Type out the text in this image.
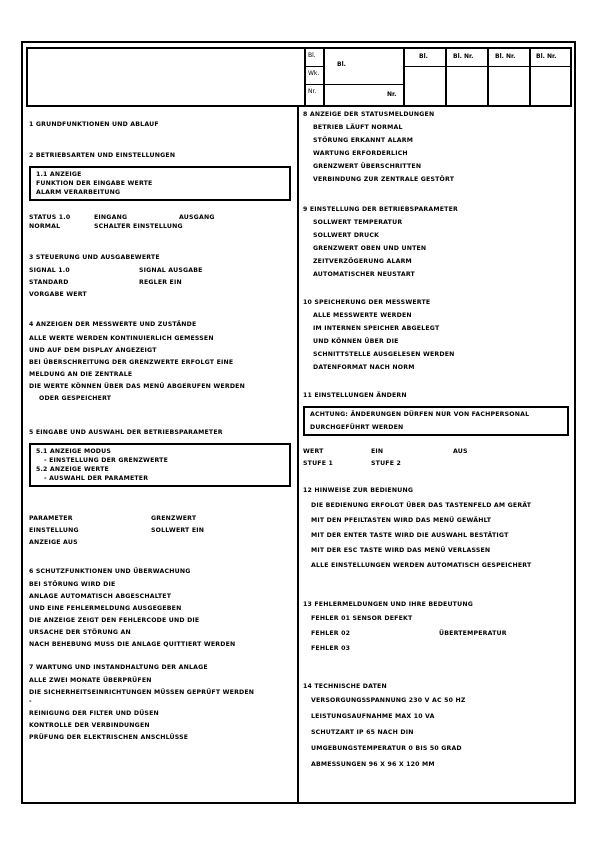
Bl.
Wk.
Nr.
Bl.
Nr.
Bl.	Bl. Nr.	Bl. Nr.	Bl. Nr.
1 GRUNDFUNKTIONEN UND ABLAUF
2 BETRIEBSARTEN UND EINSTELLUNGEN
1.1 ANZEIGE
FUNKTION DER EINGABE WERTE
ALARM VERARBEITUNG
STATUS 1.0	EINGANG	AUSGANG
NORMAL	SCHALTER EINSTELLUNG
3 STEUERUNG UND AUSGABEWERTE
SIGNAL 1.0	SIGNAL AUSGABE
STANDARD	REGLER EIN
VORGABE WERT
4 ANZEIGEN DER MESSWERTE UND ZUSTÄNDE
ALLE WERTE WERDEN KONTINUIERLICH GEMESSEN
UND AUF DEM DISPLAY ANGEZEIGT
BEI ÜBERSCHREITUNG DER GRENZWERTE ERFOLGT EINE
MELDUNG AN DIE ZENTRALE
DIE WERTE KÖNNEN ÜBER DAS MENÜ ABGERUFEN WERDEN
ODER GESPEICHERT
5 EINGABE UND AUSWAHL DER BETRIEBSPARAMETER
5.1 ANZEIGE MODUS
- EINSTELLUNG DER GRENZWERTE
5.2 ANZEIGE WERTE
- AUSWAHL DER PARAMETER
PARAMETER	GRENZWERT
EINSTELLUNG	SOLLWERT EIN
ANZEIGE AUS
6 SCHUTZFUNKTIONEN UND ÜBERWACHUNG
BEI STÖRUNG WIRD DIE
ANLAGE AUTOMATISCH ABGESCHALTET
UND EINE FEHLERMELDUNG AUSGEGEBEN
DIE ANZEIGE ZEIGT DEN FEHLERCODE UND DIE
URSACHE DER STÖRUNG AN
NACH BEHEBUNG MUSS DIE ANLAGE QUITTIERT WERDEN
7 WARTUNG UND INSTANDHALTUNG DER ANLAGE
ALLE ZWEI MONATE ÜBERPRÜFEN
DIE SICHERHEITSEINRICHTUNGEN MÜSSEN GEPRÜFT WERDEN
-
REINIGUNG DER FILTER UND DÜSEN
KONTROLLE DER VERBINDUNGEN
PRÜFUNG DER ELEKTRISCHEN ANSCHLÜSSE
8 ANZEIGE DER STATUSMELDUNGEN
BETRIEB LÄUFT NORMAL
STÖRUNG ERKANNT ALARM
WARTUNG ERFORDERLICH
GRENZWERT ÜBERSCHRITTEN
VERBINDUNG ZUR ZENTRALE GESTÖRT
9 EINSTELLUNG DER BETRIEBSPARAMETER
SOLLWERT TEMPERATUR
SOLLWERT DRUCK
GRENZWERT OBEN UND UNTEN
ZEITVERZÖGERUNG ALARM
AUTOMATISCHER NEUSTART
10 SPEICHERUNG DER MESSWERTE
ALLE MESSWERTE WERDEN
IM INTERNEN SPEICHER ABGELEGT
UND KÖNNEN ÜBER DIE
SCHNITTSTELLE AUSGELESEN WERDEN
DATENFORMAT NACH NORM
11 EINSTELLUNGEN ÄNDERN
ACHTUNG: ÄNDERUNGEN DÜRFEN NUR VON FACHPERSONAL
DURCHGEFÜHRT WERDEN
WERT	EIN	AUS
STUFE 1	STUFE 2
12 HINWEISE ZUR BEDIENUNG
DIE BEDIENUNG ERFOLGT ÜBER DAS TASTENFELD AM GERÄT
MIT DEN PFEILTASTEN WIRD DAS MENÜ GEWÄHLT
MIT DER ENTER TASTE WIRD DIE AUSWAHL BESTÄTIGT
MIT DER ESC TASTE WIRD DAS MENÜ VERLASSEN
ALLE EINSTELLUNGEN WERDEN AUTOMATISCH GESPEICHERT
13 FEHLERMELDUNGEN UND IHRE BEDEUTUNG
FEHLER 01 SENSOR DEFEKT
FEHLER 02	ÜBERTEMPERATUR
FEHLER 03
14 TECHNISCHE DATEN
VERSORGUNGSSPANNUNG 230 V AC 50 HZ
LEISTUNGSAUFNAHME MAX 10 VA
SCHUTZART IP 65 NACH DIN
UMGEBUNGSTEMPERATUR 0 BIS 50 GRAD
ABMESSUNGEN 96 X 96 X 120 MM
